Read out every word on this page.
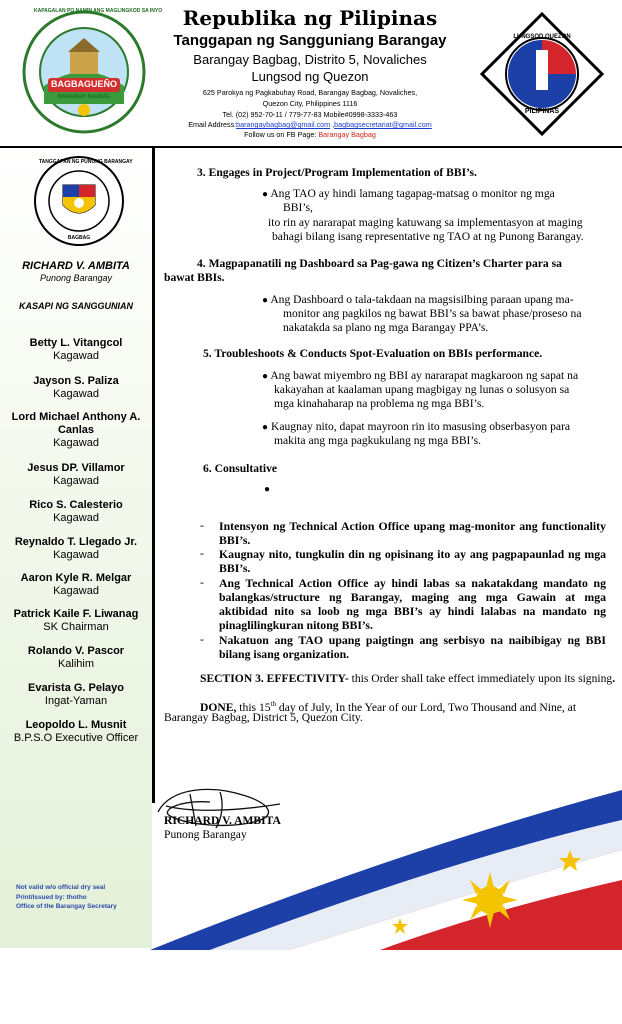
KAPAGALAN PO NAMIN ANG MAGLINGKOD SA INYO
BAGBAGUEÑO
BARANGAY BAGBAG
Republika ng Pilipinas
Tanggapan ng Sangguniang Barangay
Barangay Bagbag, Distrito 5, Novaliches
Lungsod ng Quezon
625 Parokya ng Pagkabuhay Road, Barangay Bagbag, Novaliches,
Quezon City, Philippines 1116
Tel. (02) 952-70-11 / 779-77-83 Mobile#0998-3333-463
Email Address:barangaybagbag@gmail.com ,bagbagsecretariat@gmail.com
Follow us on FB Page: Barangay Bagbag
LUNGSOD QUEZON
PILIPINAS
TANGGAPAN NG PUNONG BARANGAY
BAGBAG
RICHARD V. AMBITA
Punong Barangay
KASAPI NG SANGGUNIAN
Betty L. Vitangcol
Kagawad
Jayson S. Paliza
Kagawad
Lord Michael Anthony A.
Canlas
Kagawad
Jesus DP. Villamor
Kagawad
Rico S. Calesterio
Kagawad
Reynaldo T. Llegado Jr.
Kagawad
Aaron Kyle R. Melgar
Kagawad
Patrick Kaile F. Liwanag
SK Chairman
Rolando V. Pascor
Kalihim
Evarista G. Pelayo
Ingat-Yaman
Leopoldo L. Musnit
B.P.S.O Executive Officer
Not valid w/o official dry seal
Print/Issued by: thotho
Office of the Barangay Secretary
3. Engages in Project/Program Implementation of BBI’s.
● Ang TAO ay hindi lamang tagapag-matsag o monitor ng mga
BBI’s,
ito rin ay nararapat maging katuwang sa implementasyon at maging
bahagi bilang isang representative ng TAO at ng Punong Barangay.
4. Magpapanatili ng Dashboard sa Pag-gawa ng Citizen’s Charter para sa
bawat BBIs.
● Ang Dashboard o tala-takdaan na magsisilbing paraan upang ma-
monitor ang pagkilos ng bawat BBI’s sa bawat phase/proseso na
nakatakda sa plano ng mga Barangay PPA’s.
5. Troubleshoots & Conducts Spot-Evaluation on BBIs performance.
● Ang bawat miyembro ng BBI ay nararapat magkaroon ng sapat na
kakayahan at kaalaman upang magbigay ng lunas o solusyon sa
mga kinahaharap na problema ng mga BBI’s.
● Kaugnay nito, dapat mayroon rin ito masusing obserbasyon para
makita ang mga pagkukulang ng mga BBI’s.
6. Consultative
●
- Intensyon ng Technical Action Office upang mag-monitor ang functionality BBI’s.
- Kaugnay nito, tungkulin din ng opisinang ito ay ang pagpapaunlad ng mga BBI’s.
- Ang Technical Action Office ay hindi labas sa nakatakdang mandato ng balangkas/structure ng Barangay, maging ang mga Gawain at mga aktibidad nito sa loob ng mga BBI’s ay hindi lalabas na mandato ng pinaglilingkuran nitong BBI’s.
- Nakatuon ang TAO upang paigtingn ang serbisyo na naibibigay ng BBI bilang isang organization.
SECTION 3. EFFECTIVITY- this Order shall take effect immediately upon its signing.
DONE, this 15th day of July, In the Year of our Lord, Two Thousand and Nine, at
Barangay Bagbag, District 5, Quezon City.
RICHARD V. AMBITA
Punong Barangay
